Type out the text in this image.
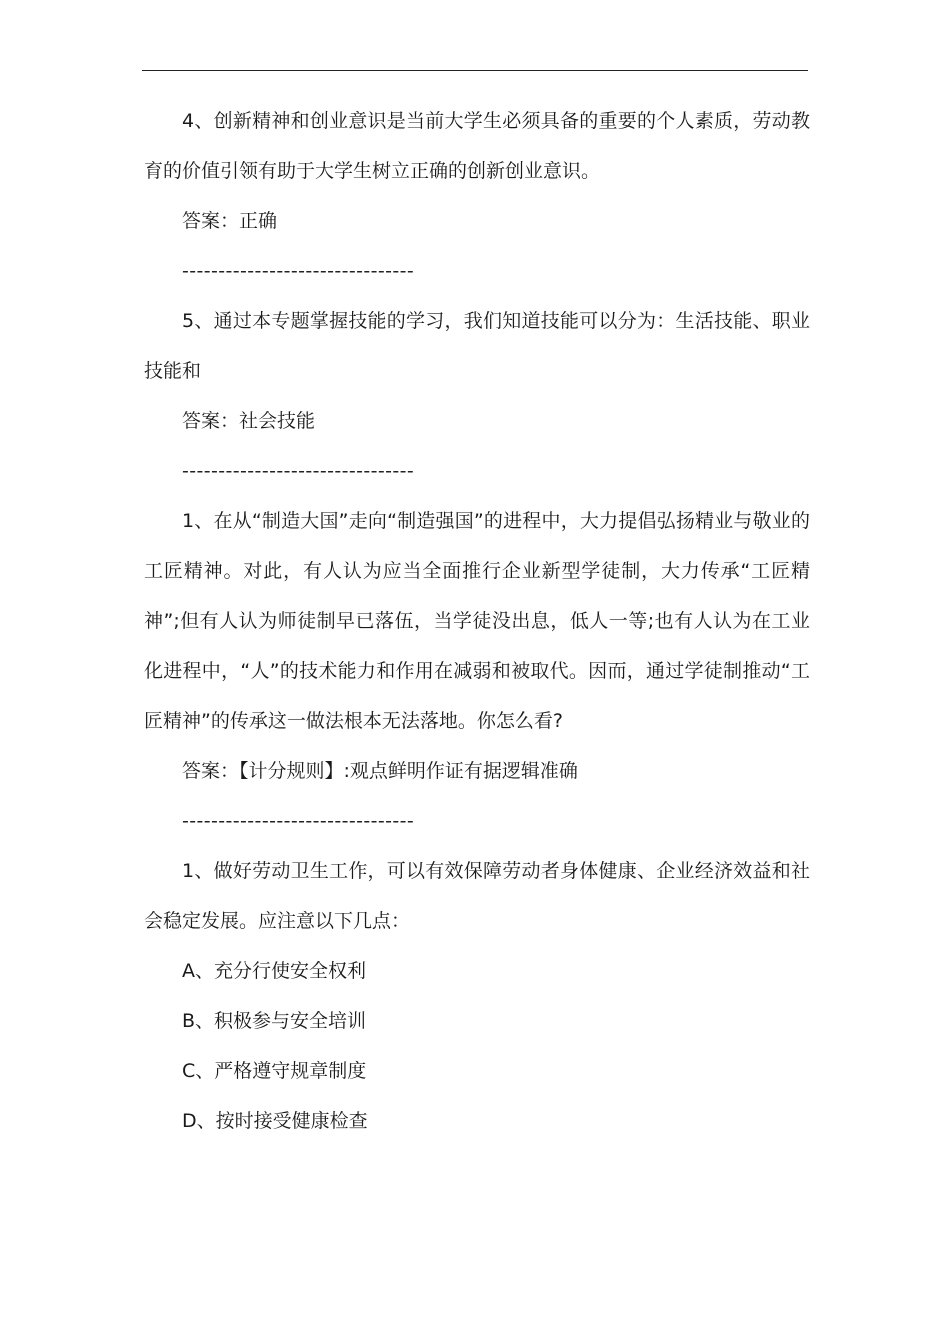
4、创新精神和创业意识是当前大学生必须具备的重要的个人素质，劳动教育的价值引领有助于大学生树立正确的创新创业意识。

答案：正确

--------------------------------

5、通过本专题掌握技能的学习，我们知道技能可以分为：生活技能、职业技能和

答案：社会技能

--------------------------------

1、在从“制造大国”走向“制造强国”的进程中，大力提倡弘扬精业与敬业的工匠精神。对此，有人认为应当全面推行企业新型学徒制，大力传承“工匠精神”;但有人认为师徒制早已落伍，当学徒没出息，低人一等;也有人认为在工业化进程中，“人”的技术能力和作用在减弱和被取代。因而，通过学徒制推动“工匠精神”的传承这一做法根本无法落地。你怎么看?

答案：【计分规则】:观点鲜明作证有据逻辑准确

--------------------------------

1、做好劳动卫生工作，可以有效保障劳动者身体健康、企业经济效益和社会稳定发展。应注意以下几点：

A、充分行使安全权利

B、积极参与安全培训

C、严格遵守规章制度

D、按时接受健康检查
